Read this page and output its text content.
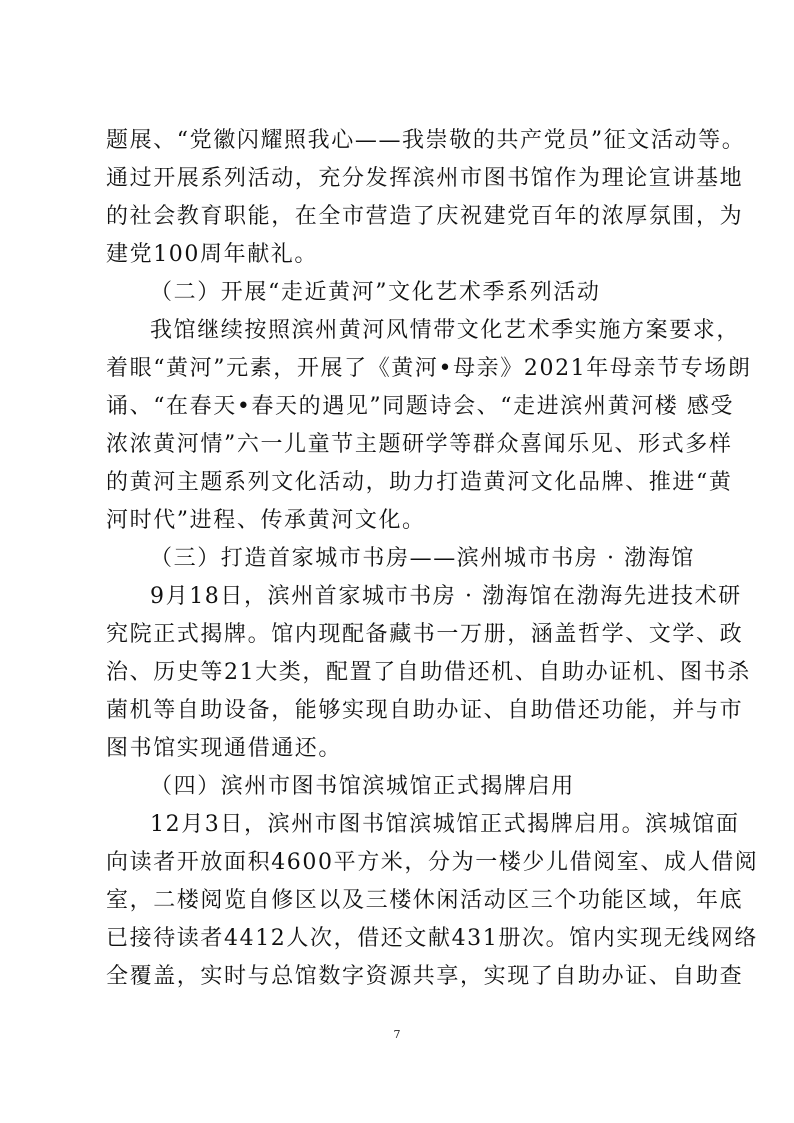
题展、“党徽闪耀照我心——我崇敬的共产党员”征文活动等。
通过开展系列活动，充分发挥滨州市图书馆作为理论宣讲基地
的社会教育职能，在全市营造了庆祝建党百年的浓厚氛围，为
建党100周年献礼。
（二）开展“走近黄河”文化艺术季系列活动
我馆继续按照滨州黄河风情带文化艺术季实施方案要求，
着眼“黄河”元素，开展了《黄河•母亲》2021年母亲节专场朗
诵、“在春天•春天的遇见”同题诗会、“走进滨州黄河楼 感受
浓浓黄河情”六一儿童节主题研学等群众喜闻乐见、形式多样
的黄河主题系列文化活动，助力打造黄河文化品牌、推进“黄
河时代”进程、传承黄河文化。
（三）打造首家城市书房——滨州城市书房 · 渤海馆
9月18日，滨州首家城市书房 · 渤海馆在渤海先进技术研
究院正式揭牌。馆内现配备藏书一万册，涵盖哲学、文学、政
治、历史等21大类，配置了自助借还机、自助办证机、图书杀
菌机等自助设备，能够实现自助办证、自助借还功能，并与市
图书馆实现通借通还。
（四）滨州市图书馆滨城馆正式揭牌启用
12月3日，滨州市图书馆滨城馆正式揭牌启用。滨城馆面
向读者开放面积4600平方米，分为一楼少儿借阅室、成人借阅
室，二楼阅览自修区以及三楼休闲活动区三个功能区域，年底
已接待读者4412人次，借还文献431册次。馆内实现无线网络
全覆盖，实时与总馆数字资源共享，实现了自助办证、自助查
7
